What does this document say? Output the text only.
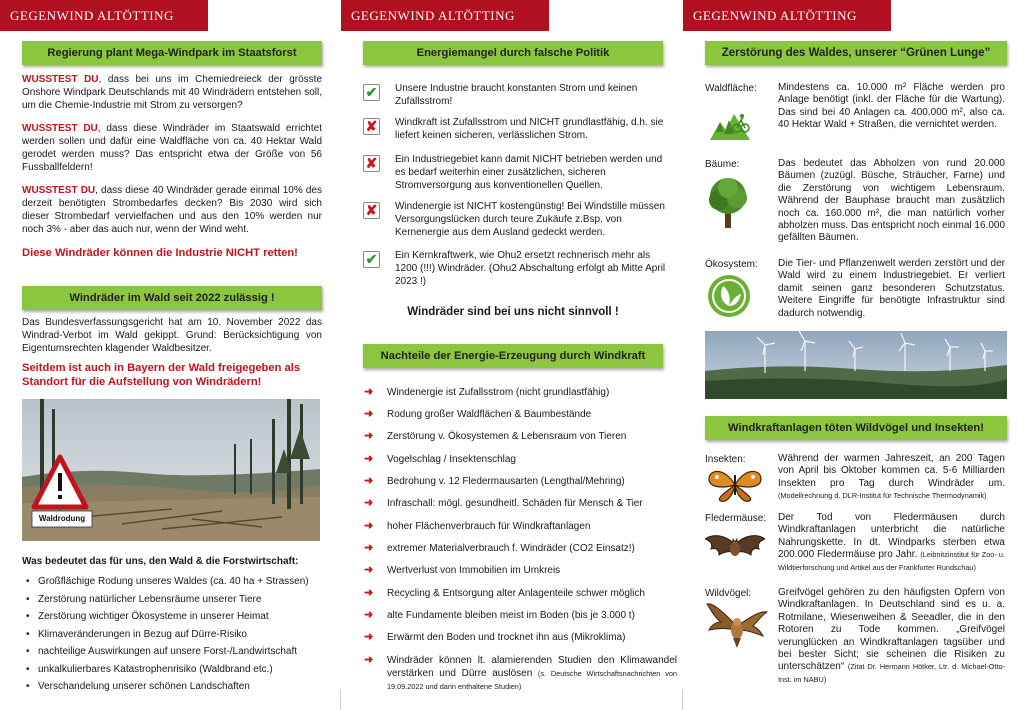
GEGENWIND ALTÖTTING
Regierung plant Mega-Windpark im Staatsforst
WUSSTEST DU, dass bei uns im Chemiedreieck der grösste Onshore Windpark Deutschlands mit 40 Windrädern entstehen soll, um die Chemie-Industrie mit Strom zu versorgen?
WUSSTEST DU, dass diese Windräder im Staatswald errichtet werden sollen und dafür eine Waldfläche von ca. 40 Hektar Wald gerodet werden muss? Das entspricht etwa der Größe von 56 Fussballfeldern!
WUSSTEST DU, dass diese 40 Windräder gerade einmal 10% des derzeit benötigten Strombedarfes decken? Bis 2030 wird sich dieser Strombedarf vervielfachen und aus den 10% werden nur noch 3% - aber das auch nur, wenn der Wind weht.
Diese Windräder können die Industrie NICHT retten!
Windräder im Wald seit 2022 zulässig !
Das Bundesverfassungsgericht hat am 10. November 2022 das Windrad-Verbot im Wald gekippt. Grund: Berücksichtigung von Eigentumsrechten klagender Waldbesitzer.
Seitdem ist auch in Bayern der Wald freigegeben als Standort für die Aufstellung von Windrädern!
Waldrodung
Was bedeutet das für uns, den Wald & die Forstwirtschaft:
• Großflächige Rodung unseres Waldes (ca. 40 ha + Strassen)
• Zerstörung natürlicher Lebensräume unserer Tiere
• Zerstörung wichtiger Ökosysteme in unserer Heimat
• Klimaveränderungen in Bezug auf Dürre-Risiko
• nachteilige Auswirkungen auf unsere Forst-/Landwirtschaft
• unkalkulierbares Katastrophenrisiko (Waldbrand etc.)
• Verschandelung unserer schönen Landschaften
GEGENWIND ALTÖTTING
Energiemangel durch falsche Politik
✔ Unsere Industrie braucht konstanten Strom und keinen Zufallsstrom!
✘ Windkraft ist Zufallsstrom und NICHT grundlastfähig, d.h. sie liefert keinen sicheren, verlässlichen Strom.
✘ Ein Industriegebiet kann damit NICHT betrieben werden und es bedarf weiterhin einer zusätzlichen, sicheren Stromversorgung aus konventionellen Quellen.
✘ Windenergie ist NICHT kostengünstig! Bei Windstille müssen Versorgungslücken durch teure Zukäufe z.Bsp. von Kernenergie aus dem Ausland gedeckt werden.
✔ Ein Kernkraftwerk, wie Ohu2 ersetzt rechnerisch mehr als 1200 (!!!) Windräder. (Ohu2 Abschaltung erfolgt ab Mitte April 2023 !)
Windräder sind bei uns nicht sinnvoll !
Nachteile der Energie-Erzeugung durch Windkraft
➜ Windenergie ist Zufallsstrom (nicht grundlastfähig)
➜ Rodung großer Waldflächen & Baumbestände
➜ Zerstörung v. Ökosystemen & Lebensraum von Tieren
➜ Vogelschlag / Insektenschlag
➜ Bedrohung v. 12 Fledermausarten (Lengthal/Mehring)
➜ Infraschall: mögl. gesundheitl. Schäden für Mensch & Tier
➜ hoher Flächenverbrauch für Windkraftanlagen
➜ extremer Materialverbrauch f. Windräder (CO2 Einsatz!)
➜ Wertverlust von Immobilien im Umkreis
➜ Recycling & Entsorgung alter Anlagenteile schwer möglich
➜ alte Fundamente bleiben meist im Boden (bis je 3.000 t)
➜ Erwärmt den Boden und trocknet ihn aus (Mikroklima)
➜ Windräder können lt. alamierenden Studien den Klimawandel verstärken und Dürre auslösen (s. Deutsche Wirtschaftsnachrichten von 19.09.2022 und darin enthaltene Studien)
GEGENWIND ALTÖTTING
Zerstörung des Waldes, unserer “Grünen Lunge”
Waldfläche: Mindestens ca. 10.000 m² Fläche werden pro Anlage benötigt (inkl. der Fläche für die Wartung). Das sind bei 40 Anlagen ca. 400.000 m², also ca. 40 Hektar Wald + Straßen, die vernichtet werden.
Bäume:	Das bedeutet das Abholzen von rund 20.000 Bäumen (zuzügl. Büsche, Sträucher, Farne) und die Zerstörung von wichtigem Lebensraum. Während der Bauphase braucht man zusätzlich noch ca. 160.000 m², die man natürlich vorher abholzen muss. Das entspricht noch einmal 16.000 gefällten Bäumen.
Ökosystem: Die Tier- und Pflanzenwelt werden zerstört und der Wald wird zu einem Industriegebiet. Er verliert damit seinen ganz besonderen Schutzstatus. Weitere Eingriffe für benötigte Infrastruktur sind dadurch notwendig.
Windkraftanlagen töten Wildvögel und Insekten!
Insekten:	Während der warmen Jahreszeit, an 200 Tagen von April bis Oktober kommen ca. 5-6 Milliarden Insekten pro Tag durch Windräder um. (Modellrechnung d. DLR-Institut für Technische Thermodynamik)
Fledermäuse: Der Tod von Fledermäusen durch Windkraftanlagen unterbricht die natürliche Nahrungskette. In dt. Windparks sterben etwa 200.000 Fledermäuse pro Jahr. (Leibnitzinstitut für Zoo- u. Wildtierforschung und Artikel aus der Frankfurter Rundschau)
Wildvögel:	Greifvögel gehören zu den häufigsten Opfern von Windkraftanlagen. In Deutschland sind es u. a. Rotmilane, Wiesenweihen & Seeadler, die in den Rotoren zu Tode kommen. „Greifvögel verunglücken an Windkraftanlagen tagsüber und bei bester Sicht; sie scheinen die Risiken zu unterschätzen“ (Zitat Dr. Hermann Hötker, Ltr. d. Michael-Otto-Inst. im NABU)
